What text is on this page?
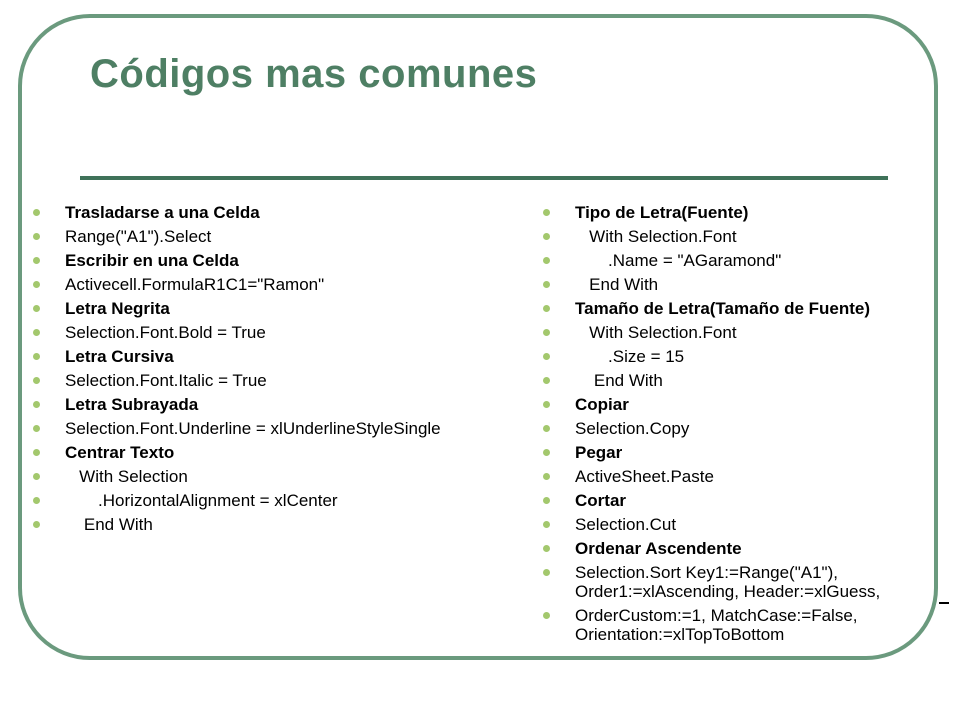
Códigos mas comunes
Trasladarse a una Celda
Range("A1").Select
Escribir en una Celda
Activecell.FormulaR1C1="Ramon"
Letra Negrita
Selection.Font.Bold = True
Letra Cursiva
Selection.Font.Italic = True
Letra Subrayada
Selection.Font.Underline = xlUnderlineStyleSingle
Centrar Texto
With Selection
.HorizontalAlignment = xlCenter
End With
Tipo de Letra(Fuente)
With Selection.Font
.Name = "AGaramond"
End With
Tamaño de Letra(Tamaño de Fuente)
With Selection.Font
.Size = 15
End With
Copiar
Selection.Copy
Pegar
ActiveSheet.Paste
Cortar
Selection.Cut
Ordenar Ascendente
Selection.Sort Key1:=Range("A1"), Order1:=xlAscending, Header:=xlGuess,
OrderCustom:=1, MatchCase:=False, Orientation:=xlTopToBottom
